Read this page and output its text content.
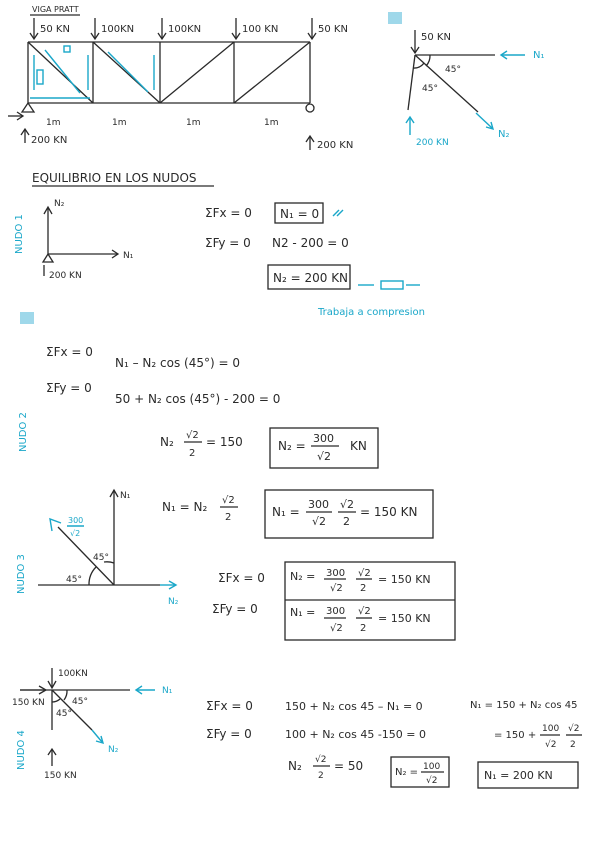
VIGA PRATT
50 KN	100KN	100KN	100 KN	50 KN
1m	1m	1m	1m
200 KN	200 KN
50 KN
45°
45°
N₁
N₂
200 KN
EQUILIBRIO EN LOS NUDOS
NUDO 1
N₂
N₁
200 KN
ΣFx = 0 N₁ = 0
ΣFy = 0 N2 - 200 = 0
N₂ = 200 KN
Trabaja a compresion
NUDO 2
ΣFx = 0
N₁ – N₂ cos (45°) = 0
ΣFy = 0
50 + N₂ cos (45°) - 200 = 0
N₂ √2
2
= 150	N₂ =
300
√2
KN
NUDO 3
N₁
300
√2
45°
45°
N₂
N₁ = N₂ √2
2	N₁ =
300
√2
√2
2
= 150 KN
ΣFx = 0
ΣFy = 0
N₂ = 300
√2
√2
2
= 150 KN
N₁ = 300
√2
√2
2
= 150 KN
NUDO 4
100KN
150 KN	45°
45°
N₁
N₂
150 KN
ΣFx = 0	150 + N₂ cos 45 – N₁ = 0
ΣFy = 0	100 + N₂ cos 45 -150 = 0
N₂ √2
2
= 50	N₂ = 100
√2
N₁ = 150 + N₂ cos 45
= 150 +
100
√2
√2
2
N₁ = 200 KN
